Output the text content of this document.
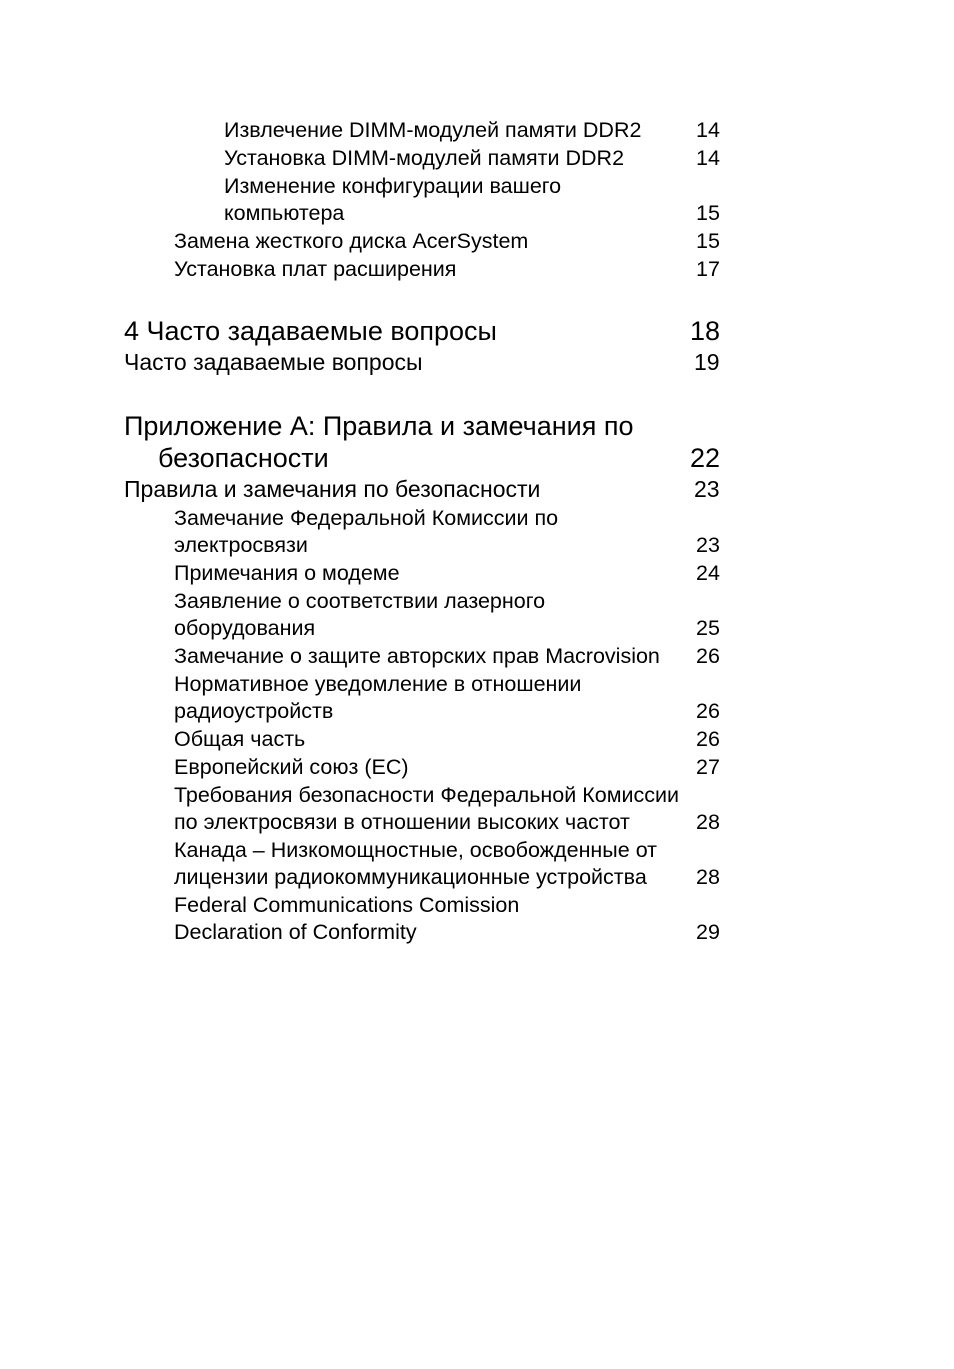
Извлечение DIMM-модулей памяти DDR2	14
Установка DIMM-модулей памяти DDR2	14
Изменение конфигурации вашего
компьютера	15
Замена жесткого диска AcerSystem	15
Установка плат расширения	17
4 Часто задаваемые вопросы	18
Часто задаваемые вопросы	19
Приложение А: Правила и замечания по
безопасности	22
Правила и замечания по безопасности	23
Замечание Федеральной Комиссии по
электросвязи	23
Примечания о модеме	24
Заявление о соответствии лазерного
оборудования	25
Замечание о защите авторских прав Macrovision 26
Нормативное уведомление в отношении
радиоустройств	26
Общая часть	26
Европейский союз (ЕС)	27
Требования безопасности Федеральной Комиссии
по электросвязи в отношении высоких частот	28
Канада – Низкомощностные, освобожденные от
лицензии радиокоммуникационные устройства	28
Federal Communications Comission
Declaration of Conformity	29
